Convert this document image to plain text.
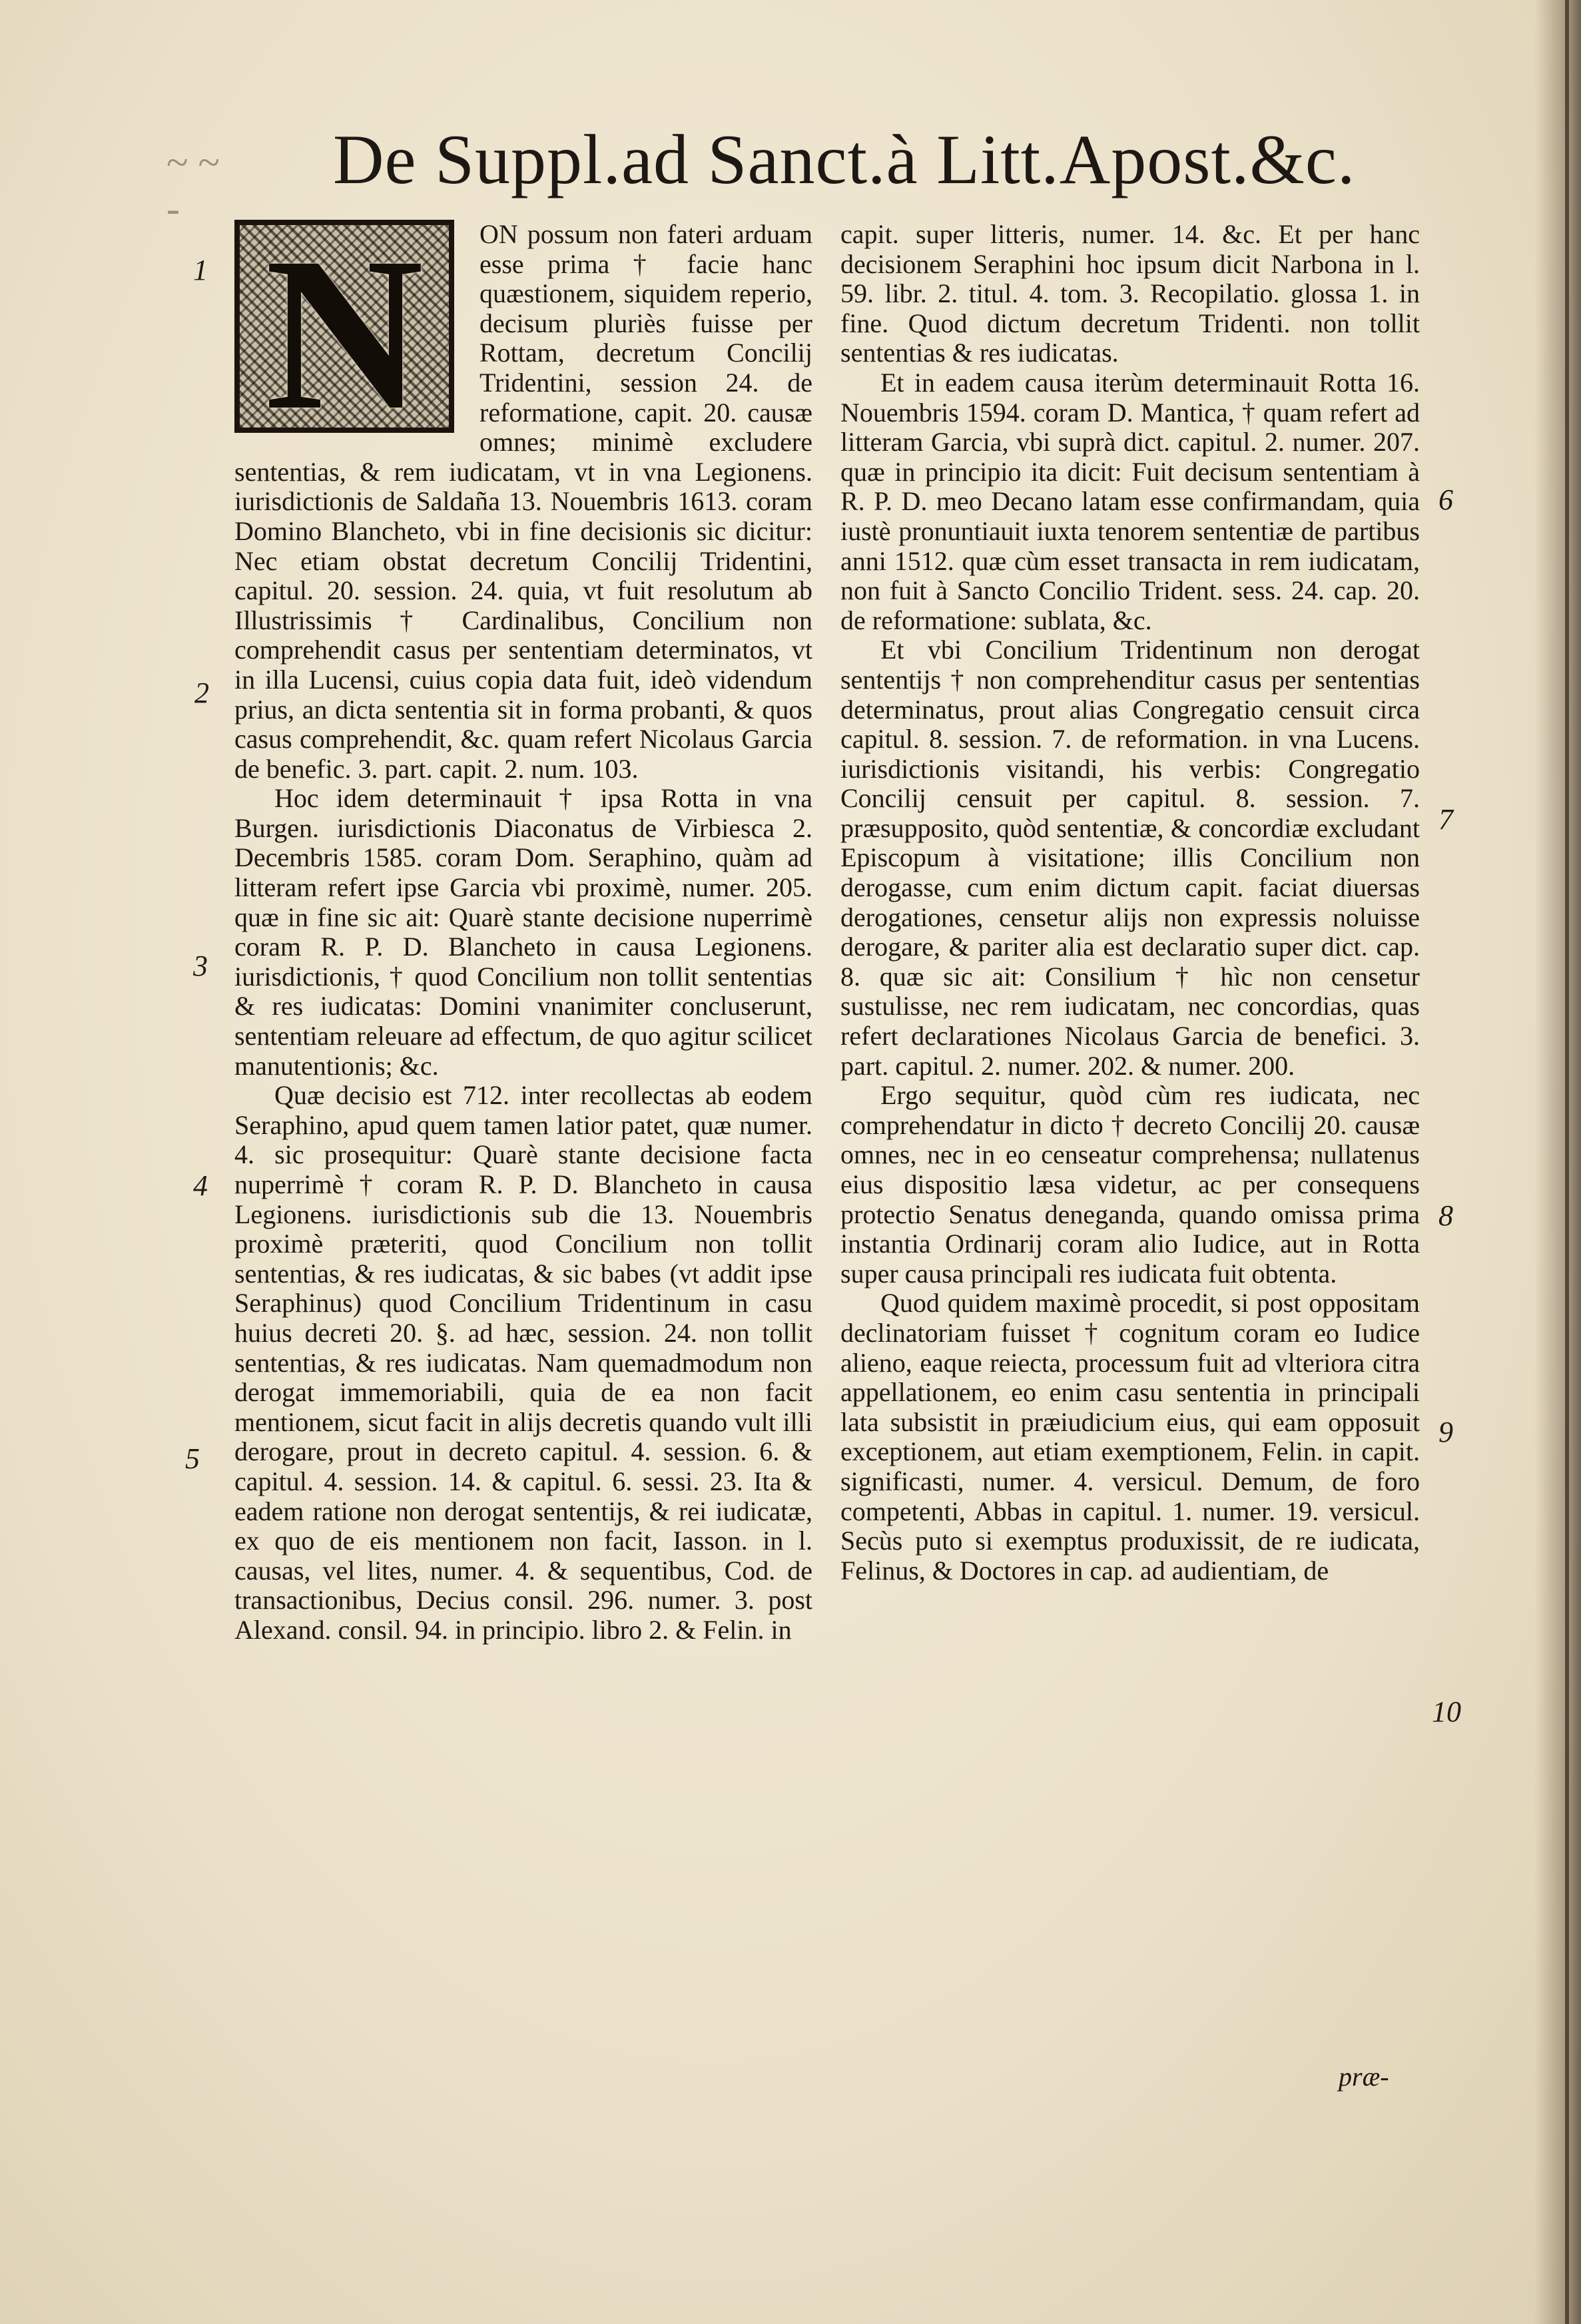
~ ~ -
De Suppl.ad Sanct.à Litt.Apost.&c.
N	ON possum non fateri arduam esse prima † facie hanc quæstionem, siquidem reperio, decisum pluriès fuisse per Rottam, decretum Concilij Tridentini, session 24. de reformatione, capit. 20. causæ omnes; minimè excludere sententias, & rem iudicatam, vt in vna Legionens. iurisdictionis de Saldaña 13. Nouembris 1613. coram Domino Blancheto, vbi in fine decisionis sic dicitur: Nec etiam obstat decretum Concilij Tridentini, capitul. 20. session. 24. quia, vt fuit resolutum ab Illustrissimis † Cardinalibus, Concilium non comprehendit casus per sententiam determinatos, vt in illa Lucensi, cuius copia data fuit, ideò videndum prius, an dicta sententia sit in forma probanti, & quos casus comprehendit, &c. quam refert Nicolaus Garcia de benefic. 3. part. capit. 2. num. 103.

Hoc idem determinauit † ipsa Rotta in vna Burgen. iurisdictionis Diaconatus de Virbiesca 2. Decembris 1585. coram Dom. Seraphino, quàm ad litteram refert ipse Garcia vbi proximè, numer. 205. quæ in fine sic ait: Quarè stante decisione nuperrimè coram R. P. D. Blancheto in causa Legionens. iurisdictionis, † quod Concilium non tollit sententias & res iudicatas: Domini vnanimiter concluserunt, sententiam releuare ad effectum, de quo agitur scilicet manutentionis; &c.

Quæ decisio est 712. inter recollectas ab eodem Seraphino, apud quem tamen latior patet, quæ numer. 4. sic prosequitur: Quarè stante decisione facta nuperrimè † coram R. P. D. Blancheto in causa Legionens. iurisdictionis sub die 13. Nouembris proximè præteriti, quod Concilium non tollit sententias, & res iudicatas, & sic babes (vt addit ipse Seraphinus) quod Concilium Tridentinum in casu huius decreti 20. §. ad hæc, session. 24. non tollit sententias, & res iudicatas. Nam quemadmodum non derogat immemoriabili, quia de ea non facit mentionem, sicut facit in alijs decretis quando vult illi derogare, prout in decreto capitul. 4. session. 6. & capitul. 4. session. 14. & capitul. 6. sessi. 23. Ita & eadem ratione non derogat sententijs, & rei iudicatæ, ex quo de eis mentionem non facit, Iasson. in l. causas, vel lites, numer. 4. & sequentibus, Cod. de transactionibus, Decius consil. 296. numer. 3. post Alexand. consil. 94. in principio. libro 2. & Felin. in

capit. super litteris, numer. 14. &c. Et per hanc decisionem Seraphini hoc ipsum dicit Narbona in l. 59. libr. 2. titul. 4. tom. 3. Recopilatio. glossa 1. in fine. Quod dictum decretum Tridenti. non tollit sententias & res iudicatas.

Et in eadem causa iterùm determinauit Rotta 16. Nouembris 1594. coram D. Mantica, † quam refert ad litteram Garcia, vbi suprà dict. capitul. 2. numer. 207. quæ in principio ita dicit: Fuit decisum sententiam à R. P. D. meo Decano latam esse confirmandam, quia iustè pronuntiauit iuxta tenorem sententiæ de partibus anni 1512. quæ cùm esset transacta in rem iudicatam, non fuit à Sancto Concilio Trident. sess. 24. cap. 20. de reformatione: sublata, &c.

Et vbi Concilium Tridentinum non derogat sententijs † non comprehenditur casus per sententias determinatus, prout alias Congregatio censuit circa capitul. 8. session. 7. de reformation. in vna Lucens. iurisdictionis visitandi, his verbis: Congregatio Concilij censuit per capitul. 8. session. 7. præsupposito, quòd sententiæ, & concordiæ excludant Episcopum à visitatione; illis Concilium non derogasse, cum enim dictum capit. faciat diuersas derogationes, censetur alijs non expressis noluisse derogare, & pariter alia est declaratio super dict. cap. 8. quæ sic ait: Consilium † hìc non censetur sustulisse, nec rem iudicatam, nec concordias, quas refert declarationes Nicolaus Garcia de benefici. 3. part. capitul. 2. numer. 202. & numer. 200.

Ergo sequitur, quòd cùm res iudicata, nec comprehendatur in dicto † decreto Concilij 20. causæ omnes, nec in eo censeatur comprehensa; nullatenus eius dispositio læsa videtur, ac per consequens protectio Senatus deneganda, quando omissa prima instantia Ordinarij coram alio Iudice, aut in Rotta super causa principali res iudicata fuit obtenta.

Quod quidem maximè procedit, si post oppositam declinatoriam fuisset † cognitum coram eo Iudice alieno, eaque reiecta, processum fuit ad vlteriora citra appellationem, eo enim casu sententia in principali lata subsistit in præiudicium eius, qui eam opposuit exceptionem, aut etiam exemptionem, Felin. in capit. significasti, numer. 4. versicul. Demum, de foro competenti, Abbas in capitul. 1. numer. 19. versicul. Secùs puto si exemptus produxissit, de re iudicata, Felinus, & Doctores in cap. ad audientiam, de

1
2
3
4
5
6
7
8
9
10
præ-
